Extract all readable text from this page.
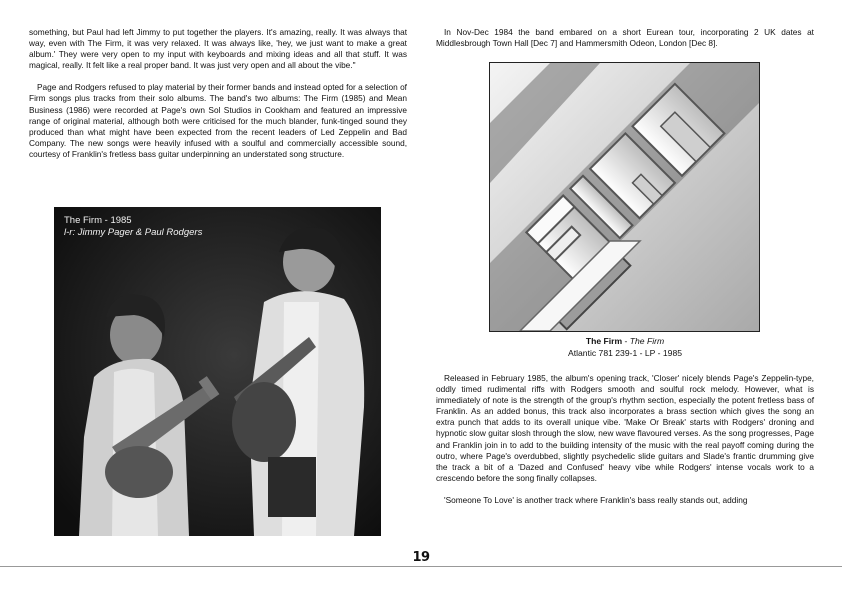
something, but Paul had left Jimmy to put together the players. It's amazing, really. It was always that way, even with The Firm, it was very relaxed. It was always like, 'hey, we just want to make a great album.' They were very open to my input with keyboards and mixing ideas and all that stuff. It was magical, really. It felt like a real proper band. It was just very open and all about the vibe."

Page and Rodgers refused to play material by their former bands and instead opted for a selection of Firm songs plus tracks from their solo albums. The band's two albums: The Firm (1985) and Mean Business (1986) were recorded at Page's own Sol Studios in Cookham and featured an impressive range of original material, although both were criticised for the much blander, funk-tinged sound they produced than what might have been expected from the recent leaders of Led Zeppelin and Bad Company. The new songs were heavily infused with a soulful and commercially accessible sound, courtesy of Franklin's fretless bass guitar underpinning an understated song structure.

The Firm - 1985
l-r: Jimmy Pager & Paul Rodgers

In Nov-Dec 1984 the band embared on a short Eurean tour, incorporating 2 UK dates at Middlesbrough Town Hall [Dec 7] and Hammersmith Odeon, London [Dec 8].

The Firm - The Firm
Atlantic 781 239-1 - LP - 1985

Released in February 1985, the album's opening track, 'Closer' nicely blends Page's Zeppelin-type, oddly timed rudimental riffs with Rodgers smooth and soulful rock melody. However, what is immediately of note is the strength of the group's rhythm section, especially the potent fretless bass of Franklin. As an added bonus, this track also incorporates a brass section which gives the song an extra punch that adds to its overall unique vibe. 'Make Or Break' starts with Rodgers' droning and hypnotic slow guitar slosh through the slow, new wave flavoured verses. As the song progresses, Page and Franklin join in to add to the building intensity of the music with the real payoff coming during the outro, where Page's overdubbed, slightly psychedelic slide guitars and Slade's frantic drumming give the track a bit of a 'Dazed and Confused' heavy vibe while Rodgers' intense vocals work to a crescendo before the song finally collapses.

'Someone To Love' is another track where Franklin's bass really stands out, adding

19
